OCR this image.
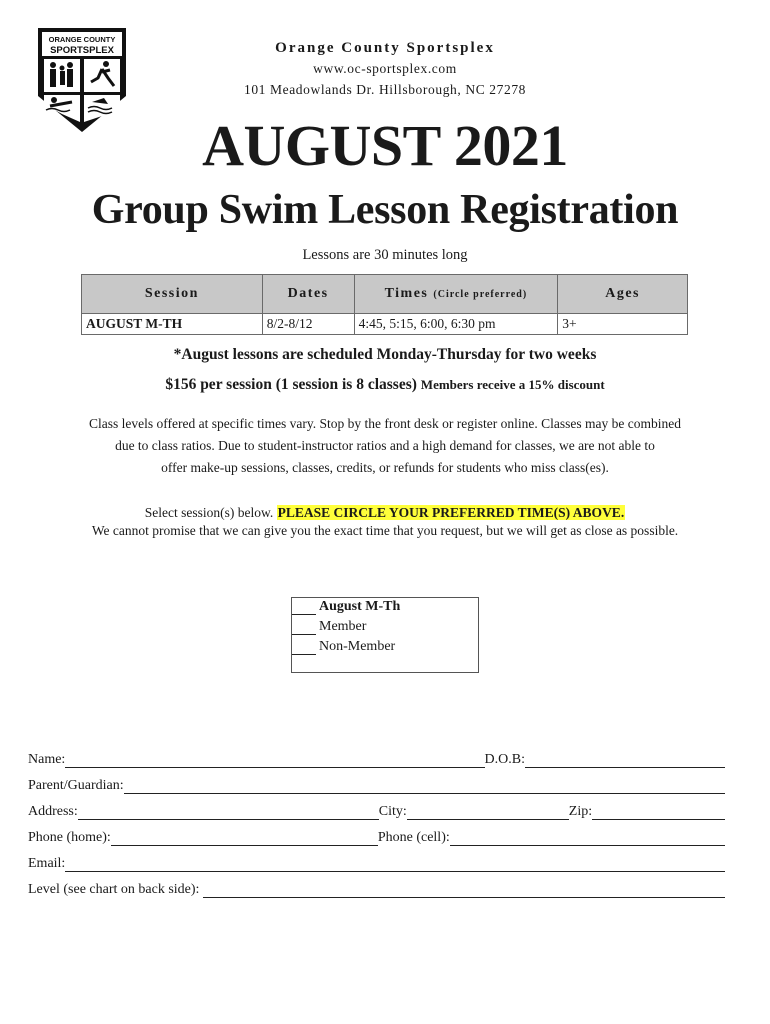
ORANGE COUNTY
SPORTSPLEX	Orange County Sportsplex
www.oc-sportsplex.com
101 Meadowlands Dr. Hillsborough, NC 27278
AUGUST 2021
Group Swim Lesson Registration
Lessons are 30 minutes long
Session	Dates	Times (Circle preferred)	Ages
AUGUST M-TH	8/2-8/12	4:45, 5:15, 6:00, 6:30 pm	3+
*August lessons are scheduled Monday-Thursday for two weeks
$156 per session (1 session is 8 classes) Members receive a 15% discount
Class levels offered at specific times vary. Stop by the front desk or register online. Classes may be combined
due to class ratios. Due to student-instructor ratios and a high demand for classes, we are not able to
offer make-up sessions, classes, credits, or refunds for students who miss class(es).
Select session(s) below. PLEASE CIRCLE YOUR PREFERRED TIME(S) ABOVE.
We cannot promise that we can give you the exact time that you request, but we will get as close as possible.
August M-Th
Member
Non-Member
Name:	D.O.B:
Parent/Guardian:
Address:	City:	Zip:
Phone (home):	Phone (cell):
Email:
Level (see chart on back side):
